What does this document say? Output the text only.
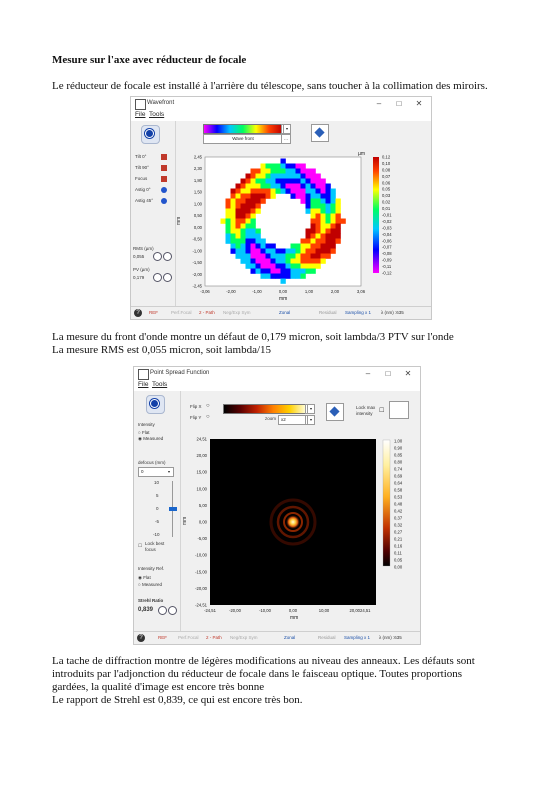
Mesure sur l'axe avec réducteur de focale
Le réducteur de focale est installé à l'arrière du télescope, sans toucher à la collimation des miroirs.
Wavefront	–	□	✕
File Tools
Tilt 0°
Tilt 90°
Focus
Astig 0°
Astig 45°
RMS (µm)
0,055
PV (µm)
0,179
▾
Wave front	…
2,45
2,30
1,80
1,50
1,00
0,50
0,00
-0,50
-1,00
-1,50
-2,00
-2,45
-3,06	-2,00	-1,00	0,00	1,00	2,00	3,06
µm
mm
mm
0,12
0,10
0,08
0,07
0,06
0,05
0,03
0,02
0,01
-0,01
-0,02
-0,03
-0,04
-0,06
-0,07
-0,08
-0,09
-0,11
-0,12
?	REF	Perf.Focal 2 - Path Neg/Exp Sym	Zonal	Residual Sampling x 1 λ (nm) :635
La mesure du front d'onde montre un défaut de 0,179 micron, soit lambda/3 PTV sur l'onde
La mesure RMS est 0,055 micron, soit lambda/15
Point Spread Function	–	□	✕
File Tools
Intensity
○ Flat
◉ Measured
defocus (mm)
0	▾
10
5
0
-5
-10
☐ Lock best focus
Intensity Ref.
◉ Flat
○ Measured
Strehl Ratio
0,839
Flip X ○
Flip Y ○
▾
zoom	x2	▾
Lock max intensity	☐
24,51
20,00
15,00
10,00
5,00
0,00
-5,00
-10,00
-15,00
-20,00
-24,51
-24,51	-20,00	-10,00	0,00	10,00	20,0024,51
mm
mm
1,00
0,90
0,85
0,80
0,74
0,69
0,64
0,58
0,53
0,48
0,42
0,37
0,32
0,27
0,21
0,16
0,11
0,05
0,00
?	REF Perf.Focal 2 - Path Neg/Exp Sym	Zonal	Residual Sampling x 1 λ (nm) :635
La tache de diffraction montre de légères modifications au niveau des anneaux. Les défauts sont
introduits par l'adjonction du réducteur de focale dans le faisceau optique. Toutes proportions
gardées, la qualité d'image est encore très bonne
Le rapport de Strehl est 0,839, ce qui est encore très bon.
